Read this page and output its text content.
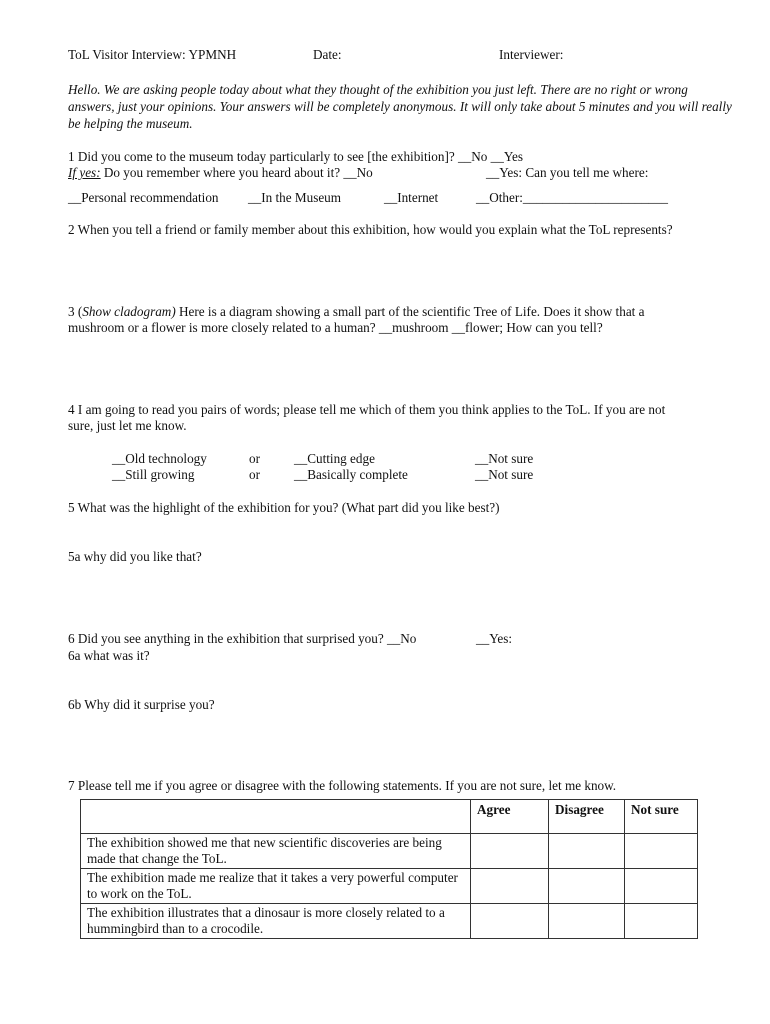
ToL Visitor Interview: YPMNH	Date:	Interviewer:
Hello. We are asking people today about what they thought of the exhibition you just left. There are no right or wrong answers, just your opinions. Your answers will be completely anonymous. It will only take about 5 minutes and you will really be helping the museum.
1 Did you come to the museum today particularly to see [the exhibition]? __No __Yes
If yes: Do you remember where you heard about it? __No	__Yes: Can you tell me where:
__Personal recommendation __In the Museum	__Internet	__Other:______________________
2 When you tell a friend or family member about this exhibition, how would you explain what the ToL represents?
3 (Show cladogram) Here is a diagram showing a small part of the scientific Tree of Life. Does it show that a
mushroom or a flower is more closely related to a human? __mushroom __flower; How can you tell?
4 I am going to read you pairs of words; please tell me which of them you think applies to the ToL. If you are not
sure, just let me know.
__Old technology	or	__Cutting edge	__Not sure
__Still growing	or	__Basically complete	__Not sure
5 What was the highlight of the exhibition for you? (What part did you like best?)
5a why did you like that?
6 Did you see anything in the exhibition that surprised you? __No	__Yes:
6a what was it?
6b Why did it surprise you?
7 Please tell me if you agree or disagree with the following statements. If you are not sure, let me know.
	Agree	Disagree	Not sure
The exhibition showed me that new scientific discoveries are being made that change the ToL.			
The exhibition made me realize that it takes a very powerful computer to work on the ToL.			
The exhibition illustrates that a dinosaur is more closely related to a hummingbird than to a crocodile.			
